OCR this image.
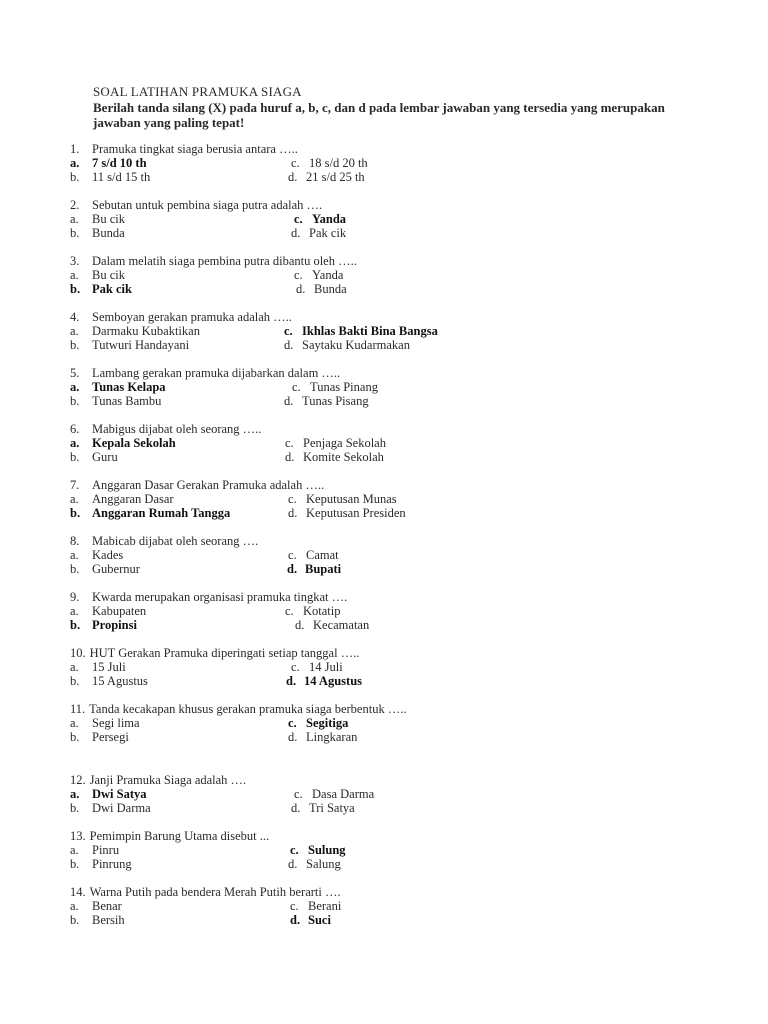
SOAL LATIHAN PRAMUKA SIAGA
Berilah tanda silang (X) pada huruf a, b, c, dan d pada lembar jawaban yang tersedia yang merupakan jawaban yang paling tepat!
1. Pramuka tingkat siaga berusia antara …..
a. 7 s/d 10 th	c. 18 s/d 20 th
b. 11 s/d 15 th	d. 21 s/d 25 th
2. Sebutan untuk pembina siaga putra adalah ….
a. Bu cik	c. Yanda
b. Bunda	d. Pak cik
3. Dalam melatih siaga pembina putra dibantu oleh …..
a. Bu cik	c. Yanda
b. Pak cik	d. Bunda
4. Semboyan gerakan pramuka adalah …..
a. Darmaku Kubaktikan	c. Ikhlas Bakti Bina Bangsa
b. Tutwuri Handayani	d. Saytaku Kudarmakan
5. Lambang gerakan pramuka dijabarkan dalam …..
a. Tunas Kelapa	c. Tunas Pinang
b. Tunas Bambu	d. Tunas Pisang
6. Mabigus dijabat oleh seorang …..
a. Kepala Sekolah	c. Penjaga Sekolah
b. Guru	d. Komite Sekolah
7. Anggaran Dasar Gerakan Pramuka adalah …..
a. Anggaran Dasar	c. Keputusan Munas
b. Anggaran Rumah Tangga	d. Keputusan Presiden
8. Mabicab dijabat oleh seorang ….
a. Kades	c. Camat
b. Gubernur	d. Bupati
9. Kwarda merupakan organisasi pramuka tingkat ….
a. Kabupaten	c. Kotatip
b. Propinsi	d. Kecamatan
10. HUT Gerakan Pramuka diperingati setiap tanggal …..
a. 15 Juli	c. 14 Juli
b. 15 Agustus	d. 14 Agustus
11. Tanda kecakapan khusus gerakan pramuka siaga berbentuk …..
a. Segi lima	c. Segitiga
b. Persegi	d. Lingkaran
12. Janji Pramuka Siaga adalah ….
a. Dwi Satya	c. Dasa Darma
b. Dwi Darma	d. Tri Satya
13. Pemimpin Barung Utama disebut ...
a. Pinru	c. Sulung
b. Pinrung	d. Salung
14. Warna Putih pada bendera Merah Putih berarti ….
a. Benar	c. Berani
b. Bersih	d. Suci
